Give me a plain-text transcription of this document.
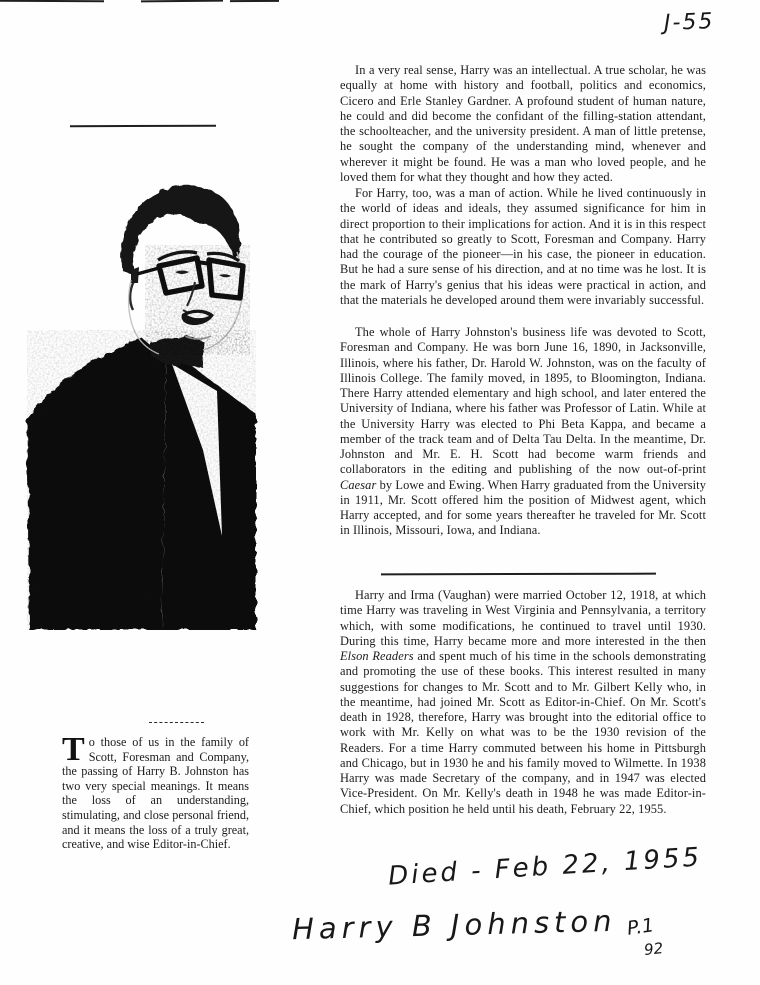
J-55

In a very real sense, Harry was an intellectual. A true scholar, he was equally at home with history and football, politics and economics, Cicero and Erle Stanley Gardner. A profound student of human nature, he could and did become the confidant of the filling-station attendant, the schoolteacher, and the university president. A man of little pretense, he sought the company of the understanding mind, whenever and wherever it might be found. He was a man who loved people, and he loved them for what they thought and how they acted.

For Harry, too, was a man of action. While he lived continuously in the world of ideas and ideals, they assumed significance for him in direct proportion to their implications for action. And it is in this respect that he contributed so greatly to Scott, Foresman and Company. Harry had the courage of the pioneer—in his case, the pioneer in education. But he had a sure sense of his direction, and at no time was he lost. It is the mark of Harry's genius that his ideas were practical in action, and that the materials he developed around them were invariably successful.

The whole of Harry Johnston's business life was devoted to Scott, Foresman and Company. He was born June 16, 1890, in Jacksonville, Illinois, where his father, Dr. Harold W. Johnston, was on the faculty of Illinois College. The family moved, in 1895, to Bloomington, Indiana. There Harry attended elementary and high school, and later entered the University of Indiana, where his father was Professor of Latin. While at the University Harry was elected to Phi Beta Kappa, and became a member of the track team and of Delta Tau Delta. In the meantime, Dr. Johnston and Mr. E. H. Scott had become warm friends and collaborators in the editing and publishing of the now out-of-print Caesar by Lowe and Ewing. When Harry graduated from the University in 1911, Mr. Scott offered him the position of Midwest agent, which Harry accepted, and for some years thereafter he traveled for Mr. Scott in Illinois, Missouri, Iowa, and Indiana.

Harry and Irma (Vaughan) were married October 12, 1918, at which time Harry was traveling in West Virginia and Pennsylvania, a territory which, with some modifications, he continued to travel until 1930. During this time, Harry became more and more interested in the then Elson Readers and spent much of his time in the schools demonstrating and promoting the use of these books. This interest resulted in many suggestions for changes to Mr. Scott and to Mr. Gilbert Kelly who, in the meantime, had joined Mr. Scott as Editor-in-Chief. On Mr. Scott's death in 1928, therefore, Harry was brought into the editorial office to work with Mr. Kelly on what was to be the 1930 revision of the Readers. For a time Harry commuted between his home in Pittsburgh and Chicago, but in 1930 he and his family moved to Wilmette. In 1938 Harry was made Secretary of the company, and in 1947 was elected Vice-President. On Mr. Kelly's death in 1948 he was made Editor-in-Chief, which position he held until his death, February 22, 1955.

To those of us in the family of Scott, Foresman and Company, the passing of Harry B. Johnston has two very special meanings. It means the loss of an understanding, stimulating, and close personal friend, and it means the loss of a truly great, creative, and wise Editor-in-Chief.	Died - Feb 22, 1955
Harry B Johnston P.1
92
